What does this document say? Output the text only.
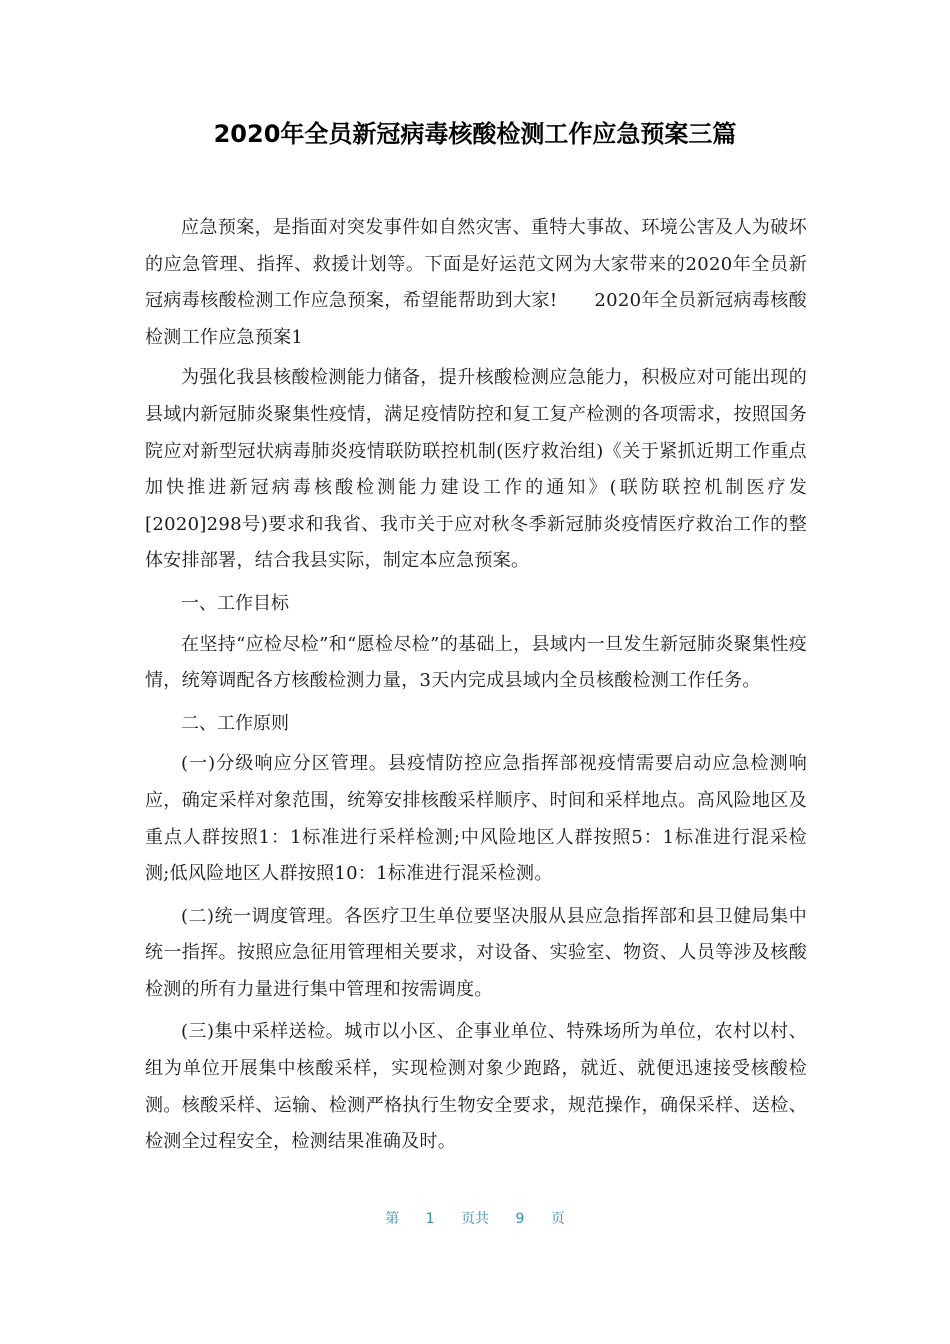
2020年全员新冠病毒核酸检测工作应急预案三篇

应急预案，是指面对突发事件如自然灾害、重特大事故、环境公害及人为破坏的应急管理、指挥、救援计划等。下面是好运范文网为大家带来的2020年全员新冠病毒核酸检测工作应急预案，希望能帮助到大家!　　2020年全员新冠病毒核酸检测工作应急预案1

为强化我县核酸检测能力储备，提升核酸检测应急能力，积极应对可能出现的县域内新冠肺炎聚集性疫情，满足疫情防控和复工复产检测的各项需求，按照国务院应对新型冠状病毒肺炎疫情联防联控机制(医疗救治组)《关于紧抓近期工作重点加快推进新冠病毒核酸检测能力建设工作的通知》(联防联控机制医疗发[2020]298号)要求和我省、我市关于应对秋冬季新冠肺炎疫情医疗救治工作的整体安排部署，结合我县实际，制定本应急预案。

一、工作目标

在坚持“应检尽检”和“愿检尽检”的基础上，县域内一旦发生新冠肺炎聚集性疫情，统筹调配各方核酸检测力量，3天内完成县域内全员核酸检测工作任务。

二、工作原则

(一)分级响应分区管理。县疫情防控应急指挥部视疫情需要启动应急检测响应，确定采样对象范围，统筹安排核酸采样顺序、时间和采样地点。高风险地区及重点人群按照1：1标准进行采样检测;中风险地区人群按照5：1标准进行混采检测;低风险地区人群按照10：1标准进行混采检测。

(二)统一调度管理。各医疗卫生单位要坚决服从县应急指挥部和县卫健局集中统一指挥。按照应急征用管理相关要求，对设备、实验室、物资、人员等涉及核酸检测的所有力量进行集中管理和按需调度。

(三)集中采样送检。城市以小区、企事业单位、特殊场所为单位，农村以村、组为单位开展集中核酸采样，实现检测对象少跑路，就近、就便迅速接受核酸检测。核酸采样、运输、检测严格执行生物安全要求，规范操作，确保采样、送检、检测全过程安全，检测结果准确及时。

第 1 页共 9 页
